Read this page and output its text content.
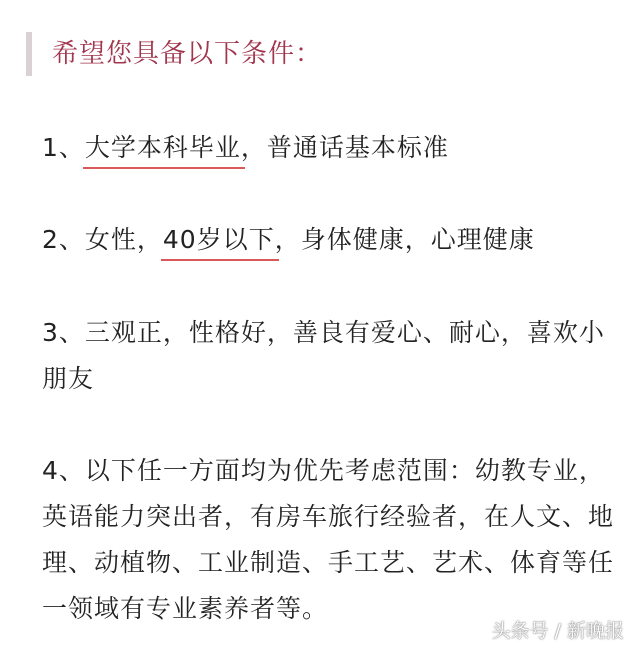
希望您具备以下条件：
1、大学本科毕业，普通话基本标准
2、女性，40岁以下，身体健康，心理健康
3、三观正，性格好，善良有爱心、耐心，喜欢小朋友
4、以下任一方面均为优先考虑范围：幼教专业，英语能力突出者，有房车旅行经验者，在人文、地理、动植物、工业制造、手工艺、艺术、体育等任一领域有专业素养者等。
头条号 / 新晚报
